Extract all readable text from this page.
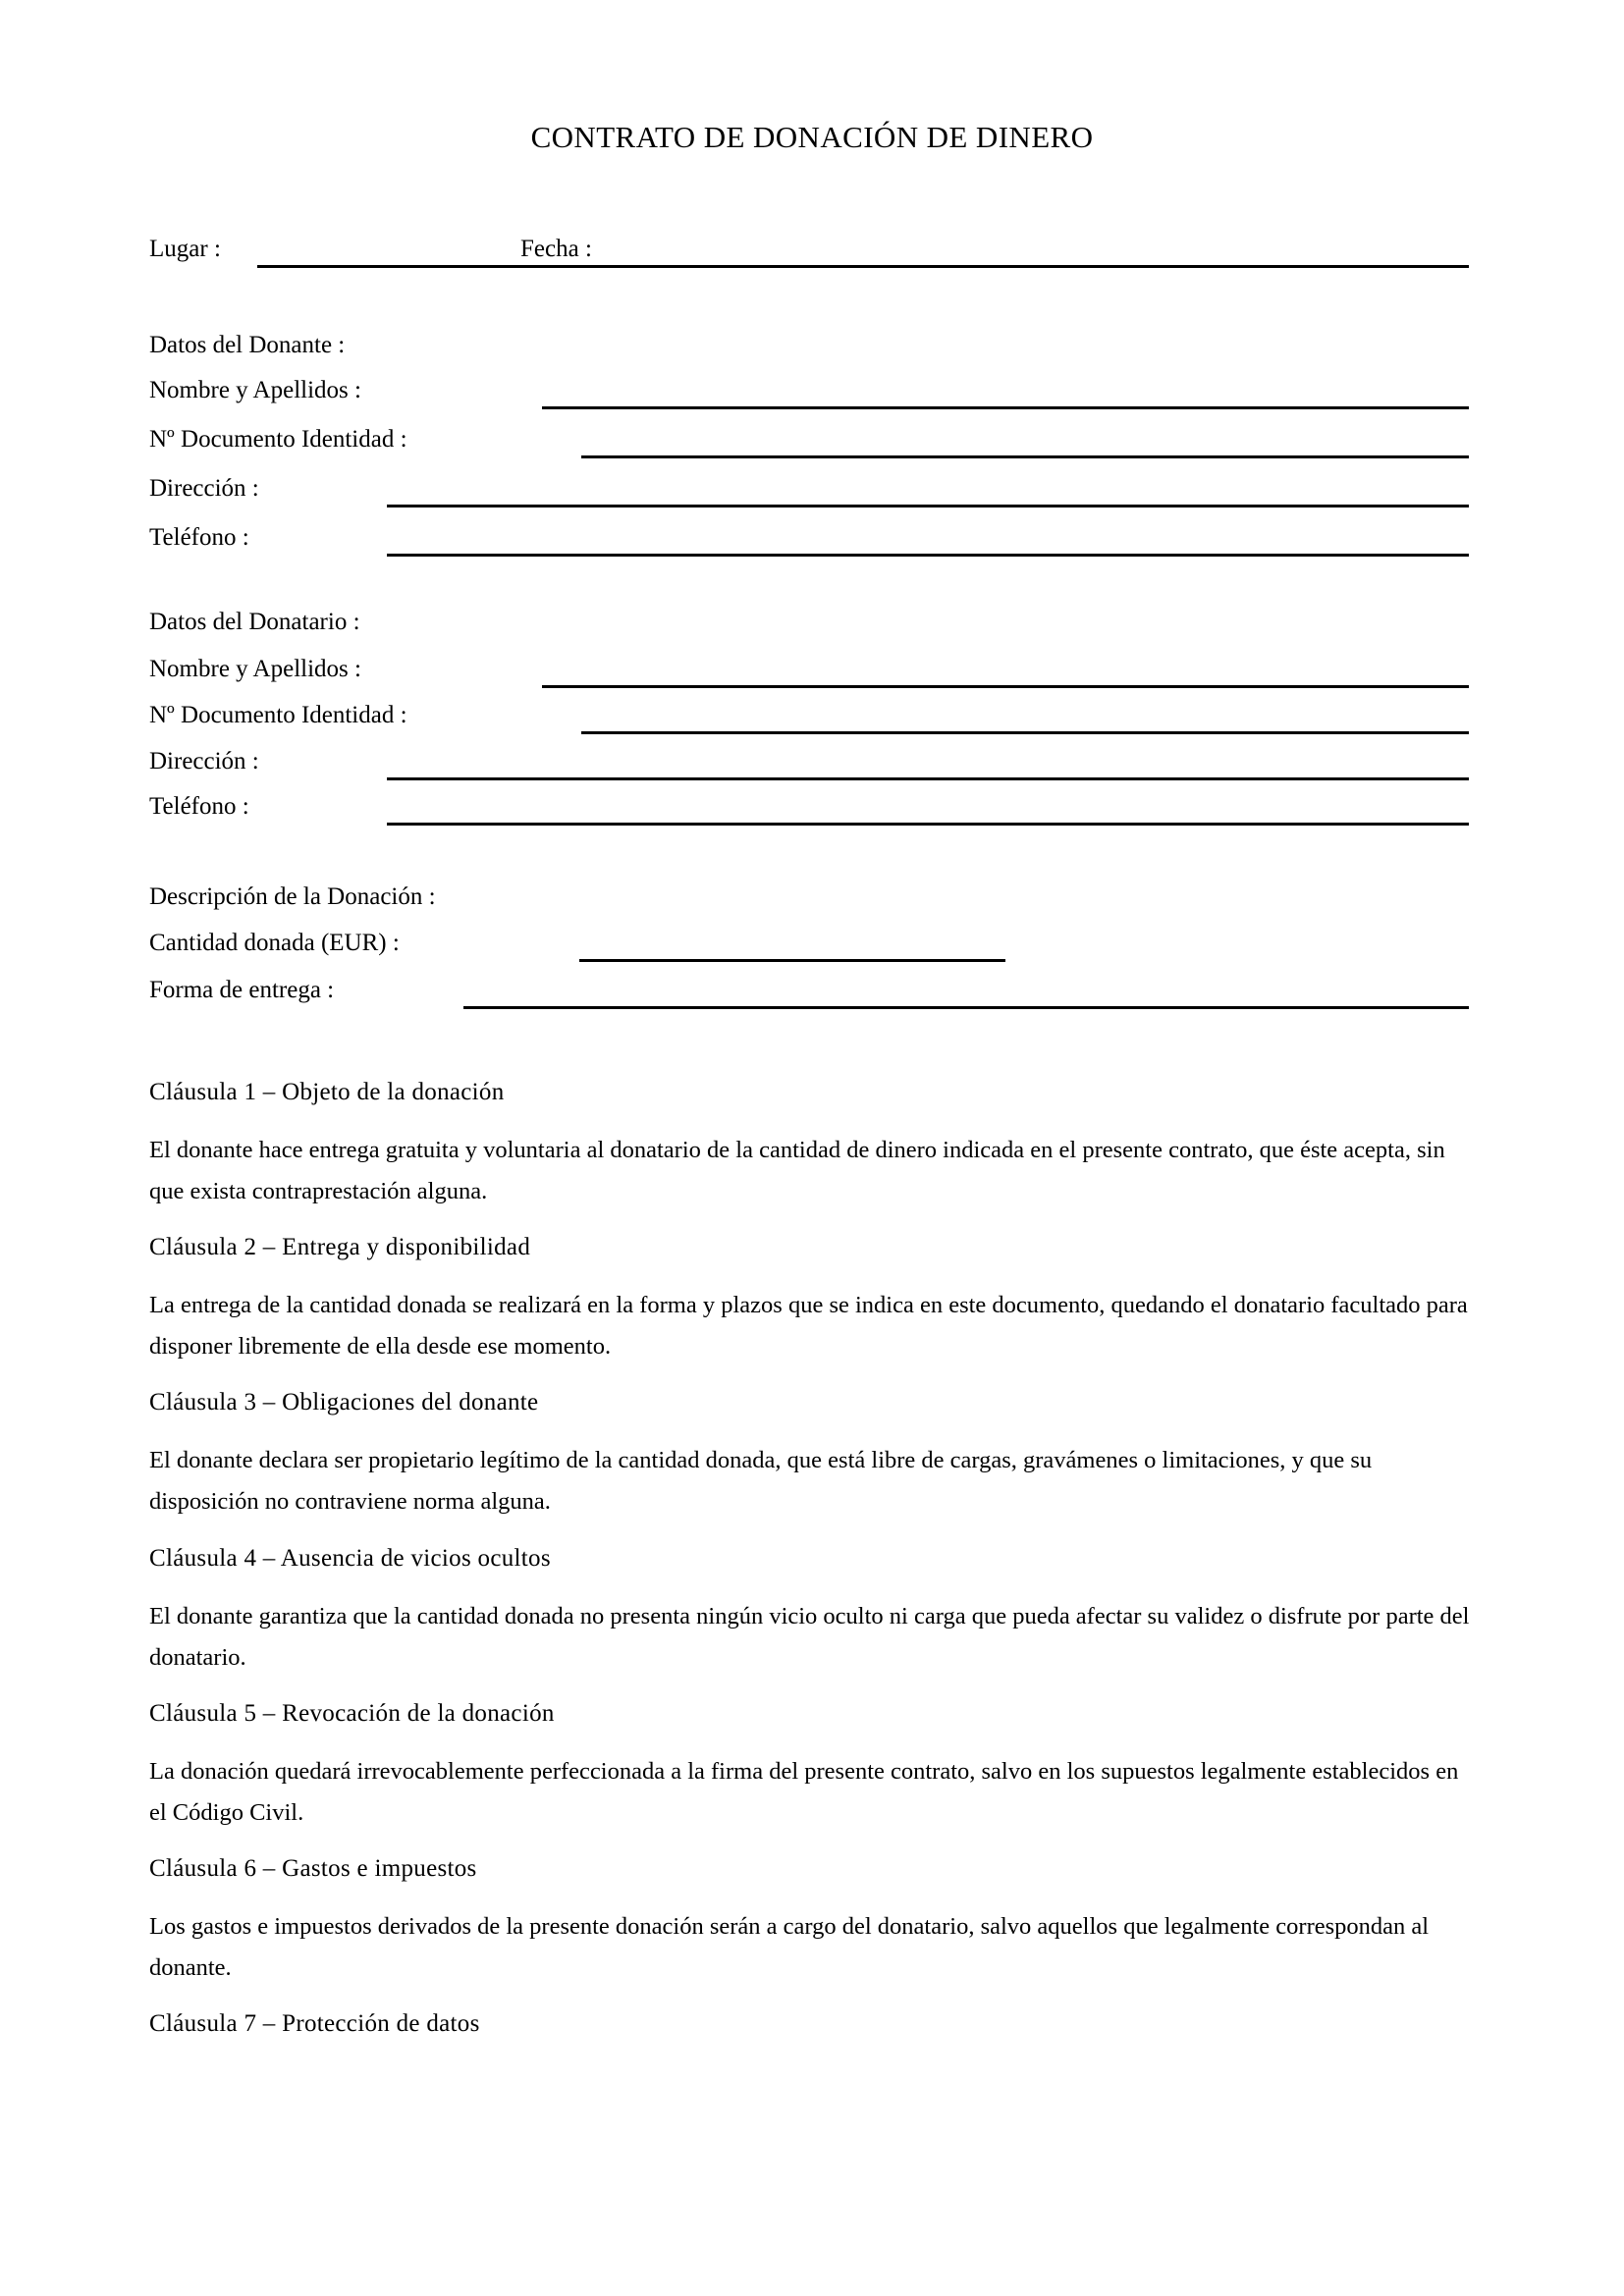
CONTRATO DE DONACIÓN DE DINERO
Lugar :	Fecha :
Datos del Donante :
Nombre y Apellidos :
Nº Documento Identidad :
Dirección :
Teléfono :
Datos del Donatario :
Nombre y Apellidos :
Nº Documento Identidad :
Dirección :
Teléfono :
Descripción de la Donación :
Cantidad donada (EUR) :
Forma de entrega :

Cláusula 1 – Objeto de la donación

El donante hace entrega gratuita y voluntaria al donatario de la cantidad de dinero indicada en el presente contrato, que éste acepta, sin que exista contraprestación alguna.

Cláusula 2 – Entrega y disponibilidad

La entrega de la cantidad donada se realizará en la forma y plazos que se indica en este documento, quedando el donatario facultado para disponer libremente de ella desde ese momento.

Cláusula 3 – Obligaciones del donante

El donante declara ser propietario legítimo de la cantidad donada, que está libre de cargas, gravámenes o limitaciones, y que su disposición no contraviene norma alguna.

Cláusula 4 – Ausencia de vicios ocultos

El donante garantiza que la cantidad donada no presenta ningún vicio oculto ni carga que pueda afectar su validez o disfrute por parte del donatario.

Cláusula 5 – Revocación de la donación

La donación quedará irrevocablemente perfeccionada a la firma del presente contrato, salvo en los supuestos legalmente establecidos en el Código Civil.

Cláusula 6 – Gastos e impuestos

Los gastos e impuestos derivados de la presente donación serán a cargo del donatario, salvo aquellos que legalmente correspondan al donante.

Cláusula 7 – Protección de datos
